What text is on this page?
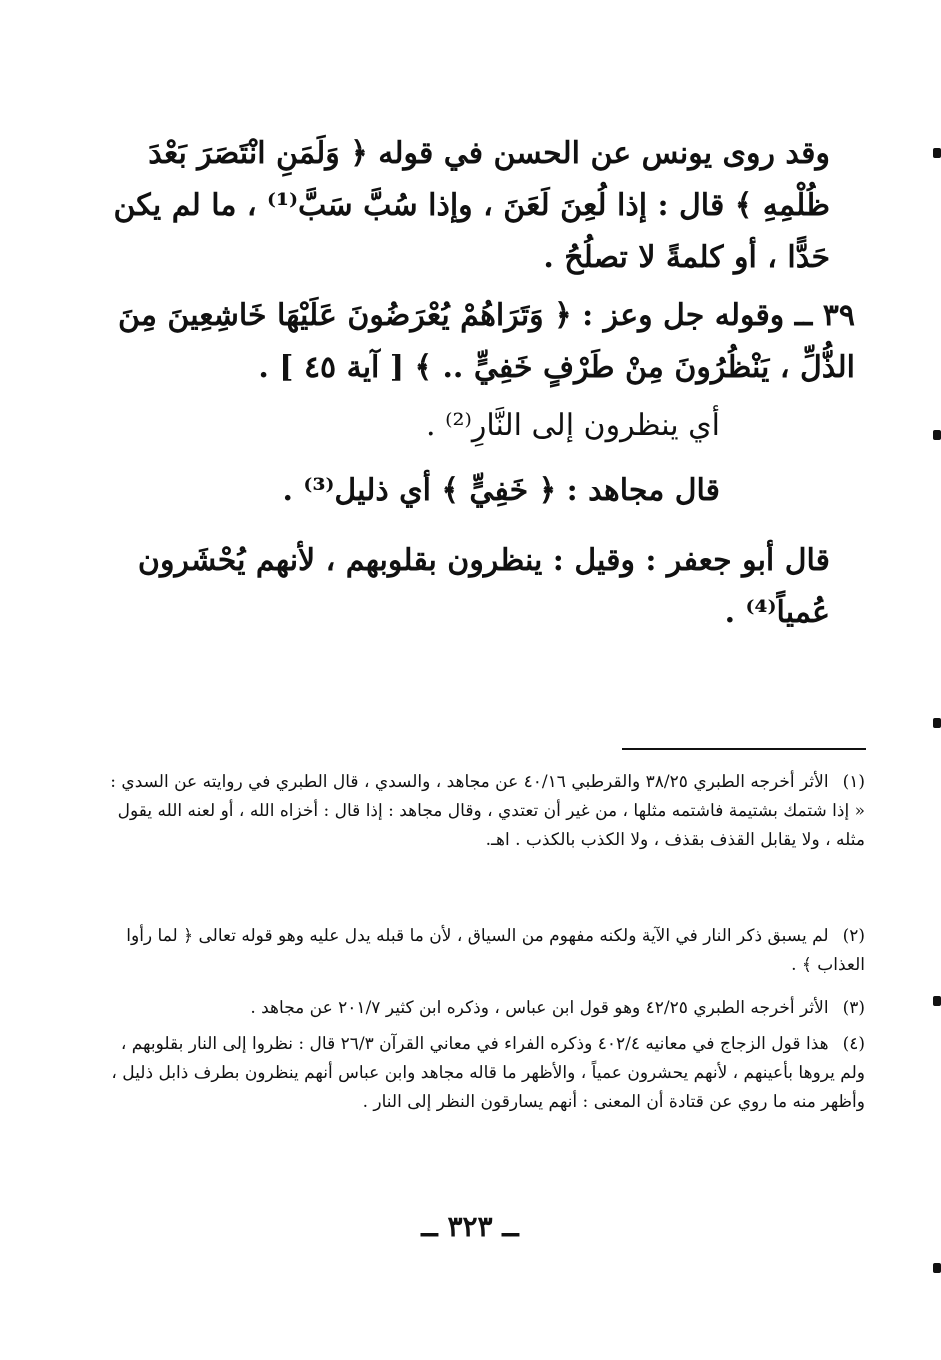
وقد روى يونس عن الحسن في قوله ﴿ وَلَمَنِ انْتَصَرَ بَعْدَ ظُلْمِهِ ﴾ قال : إذا لُعِنَ لَعَنَ ، وإذا سُبَّ سَبَّ⁽¹⁾ ، ما لم يكن حَدًّا ، أو كلمةً لا تصلُحُ .
٣٩ ــ وقوله جل وعز : ﴿ وَتَرَاهُمْ يُعْرَضُونَ عَلَيْهَا خَاشِعِينَ مِنَ الذُّلِّ ، يَنْظُرُونَ مِنْ طَرْفٍ خَفِيٍّ .. ﴾ [ آية ٤٥ ] .
أي ينظرون إلى النَّارِ⁽²⁾ .
قال مجاهد : ﴿ خَفِيٍّ ﴾ أي ذليل⁽³⁾ .
قال أبو جعفر : وقيل : ينظرون بقلوبهم ، لأنهم يُحْشَرون عُمياً⁽⁴⁾ .
(١)الأثر أخرجه الطبري ٣٨/٢٥ والقرطبي ٤٠/١٦ عن مجاهد ، والسدي ، قال الطبري في روايته عن السدي : « إذا شتمك بشتيمة فاشتمه مثلها ، من غير أن تعتدي ، وقال مجاهد : إذا قال : أخزاه الله ، أو لعنه الله يقول مثله ، ولا يقابل القذف بقذف ، ولا الكذب بالكذب . اهـ.
(٢)لم يسبق ذكر النار في الآية ولكنه مفهوم من السياق ، لأن ما قبله يدل عليه وهو قوله تعالى ﴿ لما رأوا العذاب ﴾ .
(٣)الأثر أخرجه الطبري ٤٢/٢٥ وهو قول ابن عباس ، وذكره ابن كثير ٢٠١/٧ عن مجاهد .
(٤)هذا قول الزجاج في معانيه ٤٠٢/٤ وذكره الفراء في معاني القرآن ٢٦/٣ قال : نظروا إلى النار بقلوبهم ، ولم يروها بأعينهم ، لأنهم يحشرون عمياً ، والأظهر ما قاله مجاهد وابن عباس أنهم ينظرون بطرف ذابل ذليل ، وأظهر منه ما روي عن قتادة أن المعنى : أنهم يسارقون النظر إلى النار .
ــ ٣٢٣ ــ
